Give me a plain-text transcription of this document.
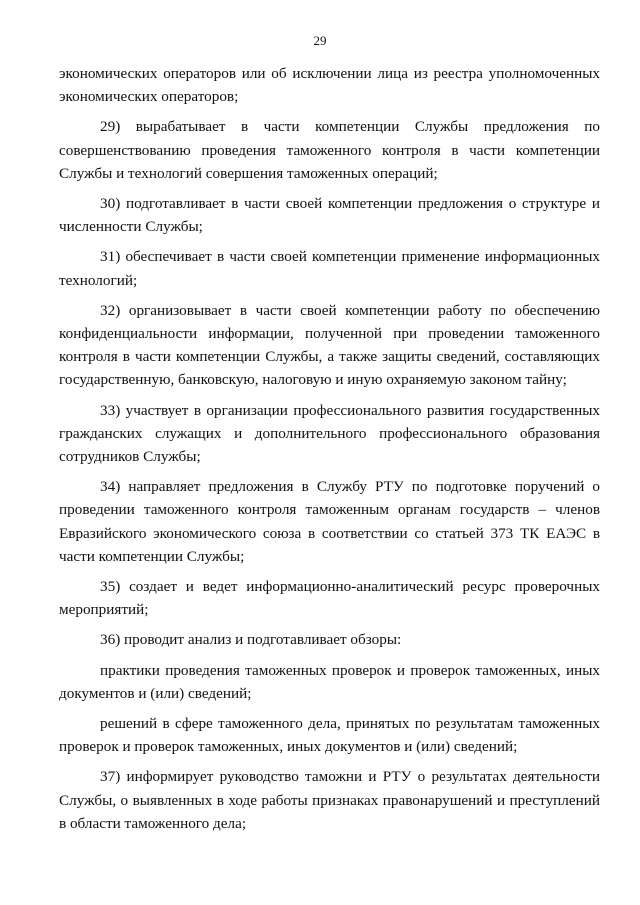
29

экономических операторов или об исключении лица из реестра уполномоченных экономических операторов;

29) вырабатывает в части компетенции Службы предложения по совершенствованию проведения таможенного контроля в части компетенции Службы и технологий совершения таможенных операций;

30) подготавливает в части своей компетенции предложения о структуре и численности Службы;

31) обеспечивает в части своей компетенции применение информационных технологий;

32) организовывает в части своей компетенции работу по обеспечению конфиденциальности информации, полученной при проведении таможенного контроля в части компетенции Службы, а также защиты сведений, составляющих государственную, банковскую, налоговую и иную охраняемую законом тайну;

33) участвует в организации профессионального развития государственных гражданских служащих и дополнительного профессионального образования сотрудников Службы;

34) направляет предложения в Службу РТУ по подготовке поручений о проведении таможенного контроля таможенным органам государств – членов Евразийского экономического союза в соответствии со статьей 373 ТК ЕАЭС в части компетенции Службы;

35) создает и ведет информационно-аналитический ресурс проверочных мероприятий;

36) проводит анализ и подготавливает обзоры:

практики проведения таможенных проверок и проверок таможенных, иных документов и (или) сведений;

решений в сфере таможенного дела, принятых по результатам таможенных проверок и проверок таможенных, иных документов и (или) сведений;

37) информирует руководство таможни и РТУ о результатах деятельности Службы, о выявленных в ходе работы признаках правонарушений и преступлений в области таможенного дела;
